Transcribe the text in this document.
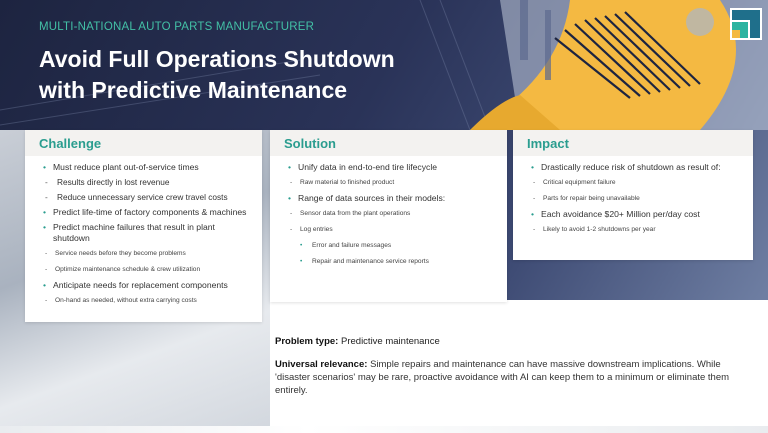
MULTI-NATIONAL AUTO PARTS MANUFACTURER
Avoid Full Operations Shutdown
with Predictive Maintenance
Challenge
• Must reduce plant out-of-service times
- Results directly in lost revenue
- Reduce unnecessary service crew travel costs
• Predict life-time of factory components & machines
• Predict machine failures that result in plant shutdown
- Service needs before they become problems
- Optimize maintenance schedule & crew utilization
• Anticipate needs for replacement components
- On-hand as needed, without extra carrying costs
Solution
• Unify data in end-to-end tire lifecycle
- Raw material to finished product
• Range of data sources in their models:
- Sensor data from the plant operations
- Log entries
• Error and failure messages
• Repair and maintenance service reports
Impact
• Drastically reduce risk of shutdown as result of:
- Critical equipment failure
- Parts for repair being unavailable
• Each avoidance $20+ Million per/day cost
- Likely to avoid 1-2 shutdowns per year
Problem type: Predictive maintenance
Universal relevance: Simple repairs and maintenance can have massive downstream implications. While 'disaster scenarios' may be rare, proactive avoidance with AI can keep them to a minimum or eliminate them entirely.
